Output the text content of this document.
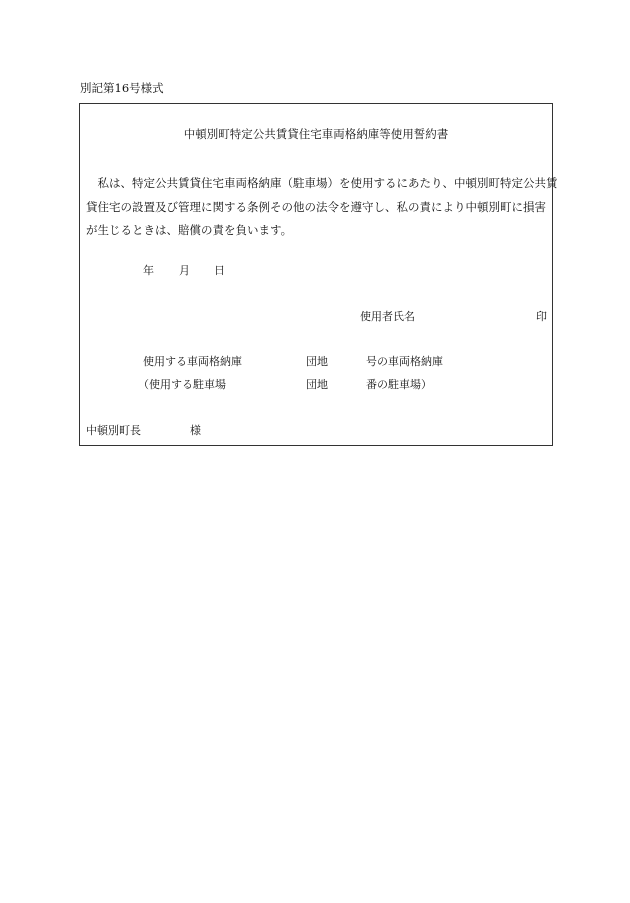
別記第16号様式
中頓別町特定公共賃貸住宅車両格納庫等使用誓約書

　私は、特定公共賃貸住宅車両格納庫（駐車場）を使用するにあたり、中頓別町特定公共賃

貸住宅の設置及び管理に関する条例その他の法令を遵守し、私の責により中頓別町に損害

が生じるときは、賠償の責を負います。

年 月 日
使用者氏名	印
使用する車両格納庫	団地	号の車両格納庫
（使用する駐車場	団地	番の駐車場）
中頓別町長	様
